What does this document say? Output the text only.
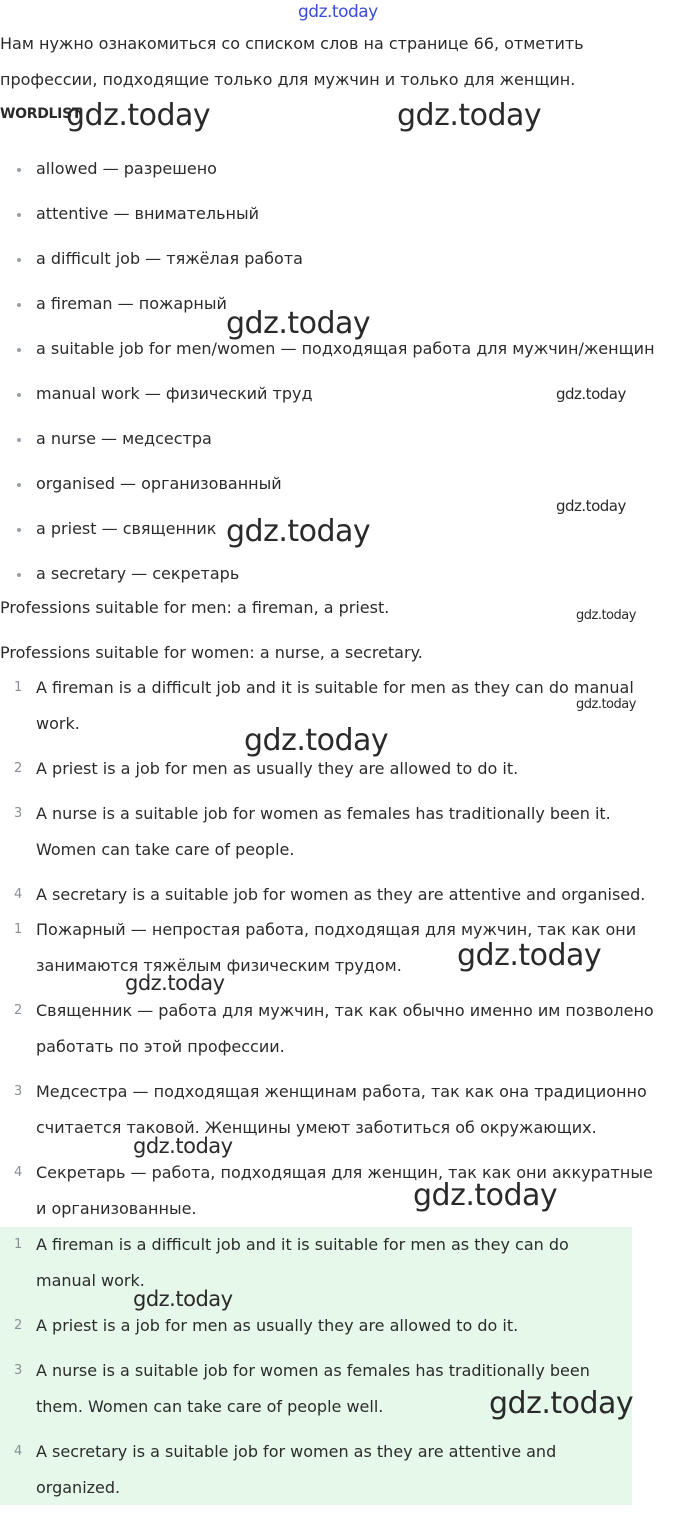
gdz.today

Нам нужно ознакомиться со списком слов на странице 66, отметить

профессии, подходящие только для мужчин и только для женщин.

WORDLIST
allowed — разрешено
attentive — внимательный
a difficult job — тяжёлая работа
a fireman — пожарный
a suitable job for men/women — подходящая работа для мужчин/женщин
manual work — физический труд
a nurse — медсестра
organised — организованный
a priest — священник
a secretary — секретарь

Professions suitable for men: a fireman, a priest.

Professions suitable for women: a nurse, a secretary.

1 A fireman is a difficult job and it is suitable for men as they can do manual work.
2 A priest is a job for men as usually they are allowed to do it.
3 A nurse is a suitable job for women as females has traditionally been it. Women can take care of people.
4 A secretary is a suitable job for women as they are attentive and organised.
1 Пожарный — непростая работа, подходящая для мужчин, так как они занимаются тяжёлым физическим трудом.
2 Священник — работа для мужчин, так как обычно именно им позволено работать по этой профессии.
3 Медсестра — подходящая женщинам работа, так как она традиционно считается таковой. Женщины умеют заботиться об окружающих.
4 Секретарь — работа, подходящая для женщин, так как они аккуратные и организованные.
1 A fireman is a difficult job and it is suitable for men as they can do manual work.
2 A priest is a job for men as usually they are allowed to do it.
3 A nurse is a suitable job for women as females has traditionally been them. Women can take care of people well.
4 A secretary is a suitable job for women as they are attentive and organized.
gdz.today	gdz.today
gdz.today
gdz.today
gdz.today
gdz.today
gdz.today
gdz.today
gdz.today
gdz.today
gdz.today
gdz.today
gdz.today
gdz.today
gdz.today
